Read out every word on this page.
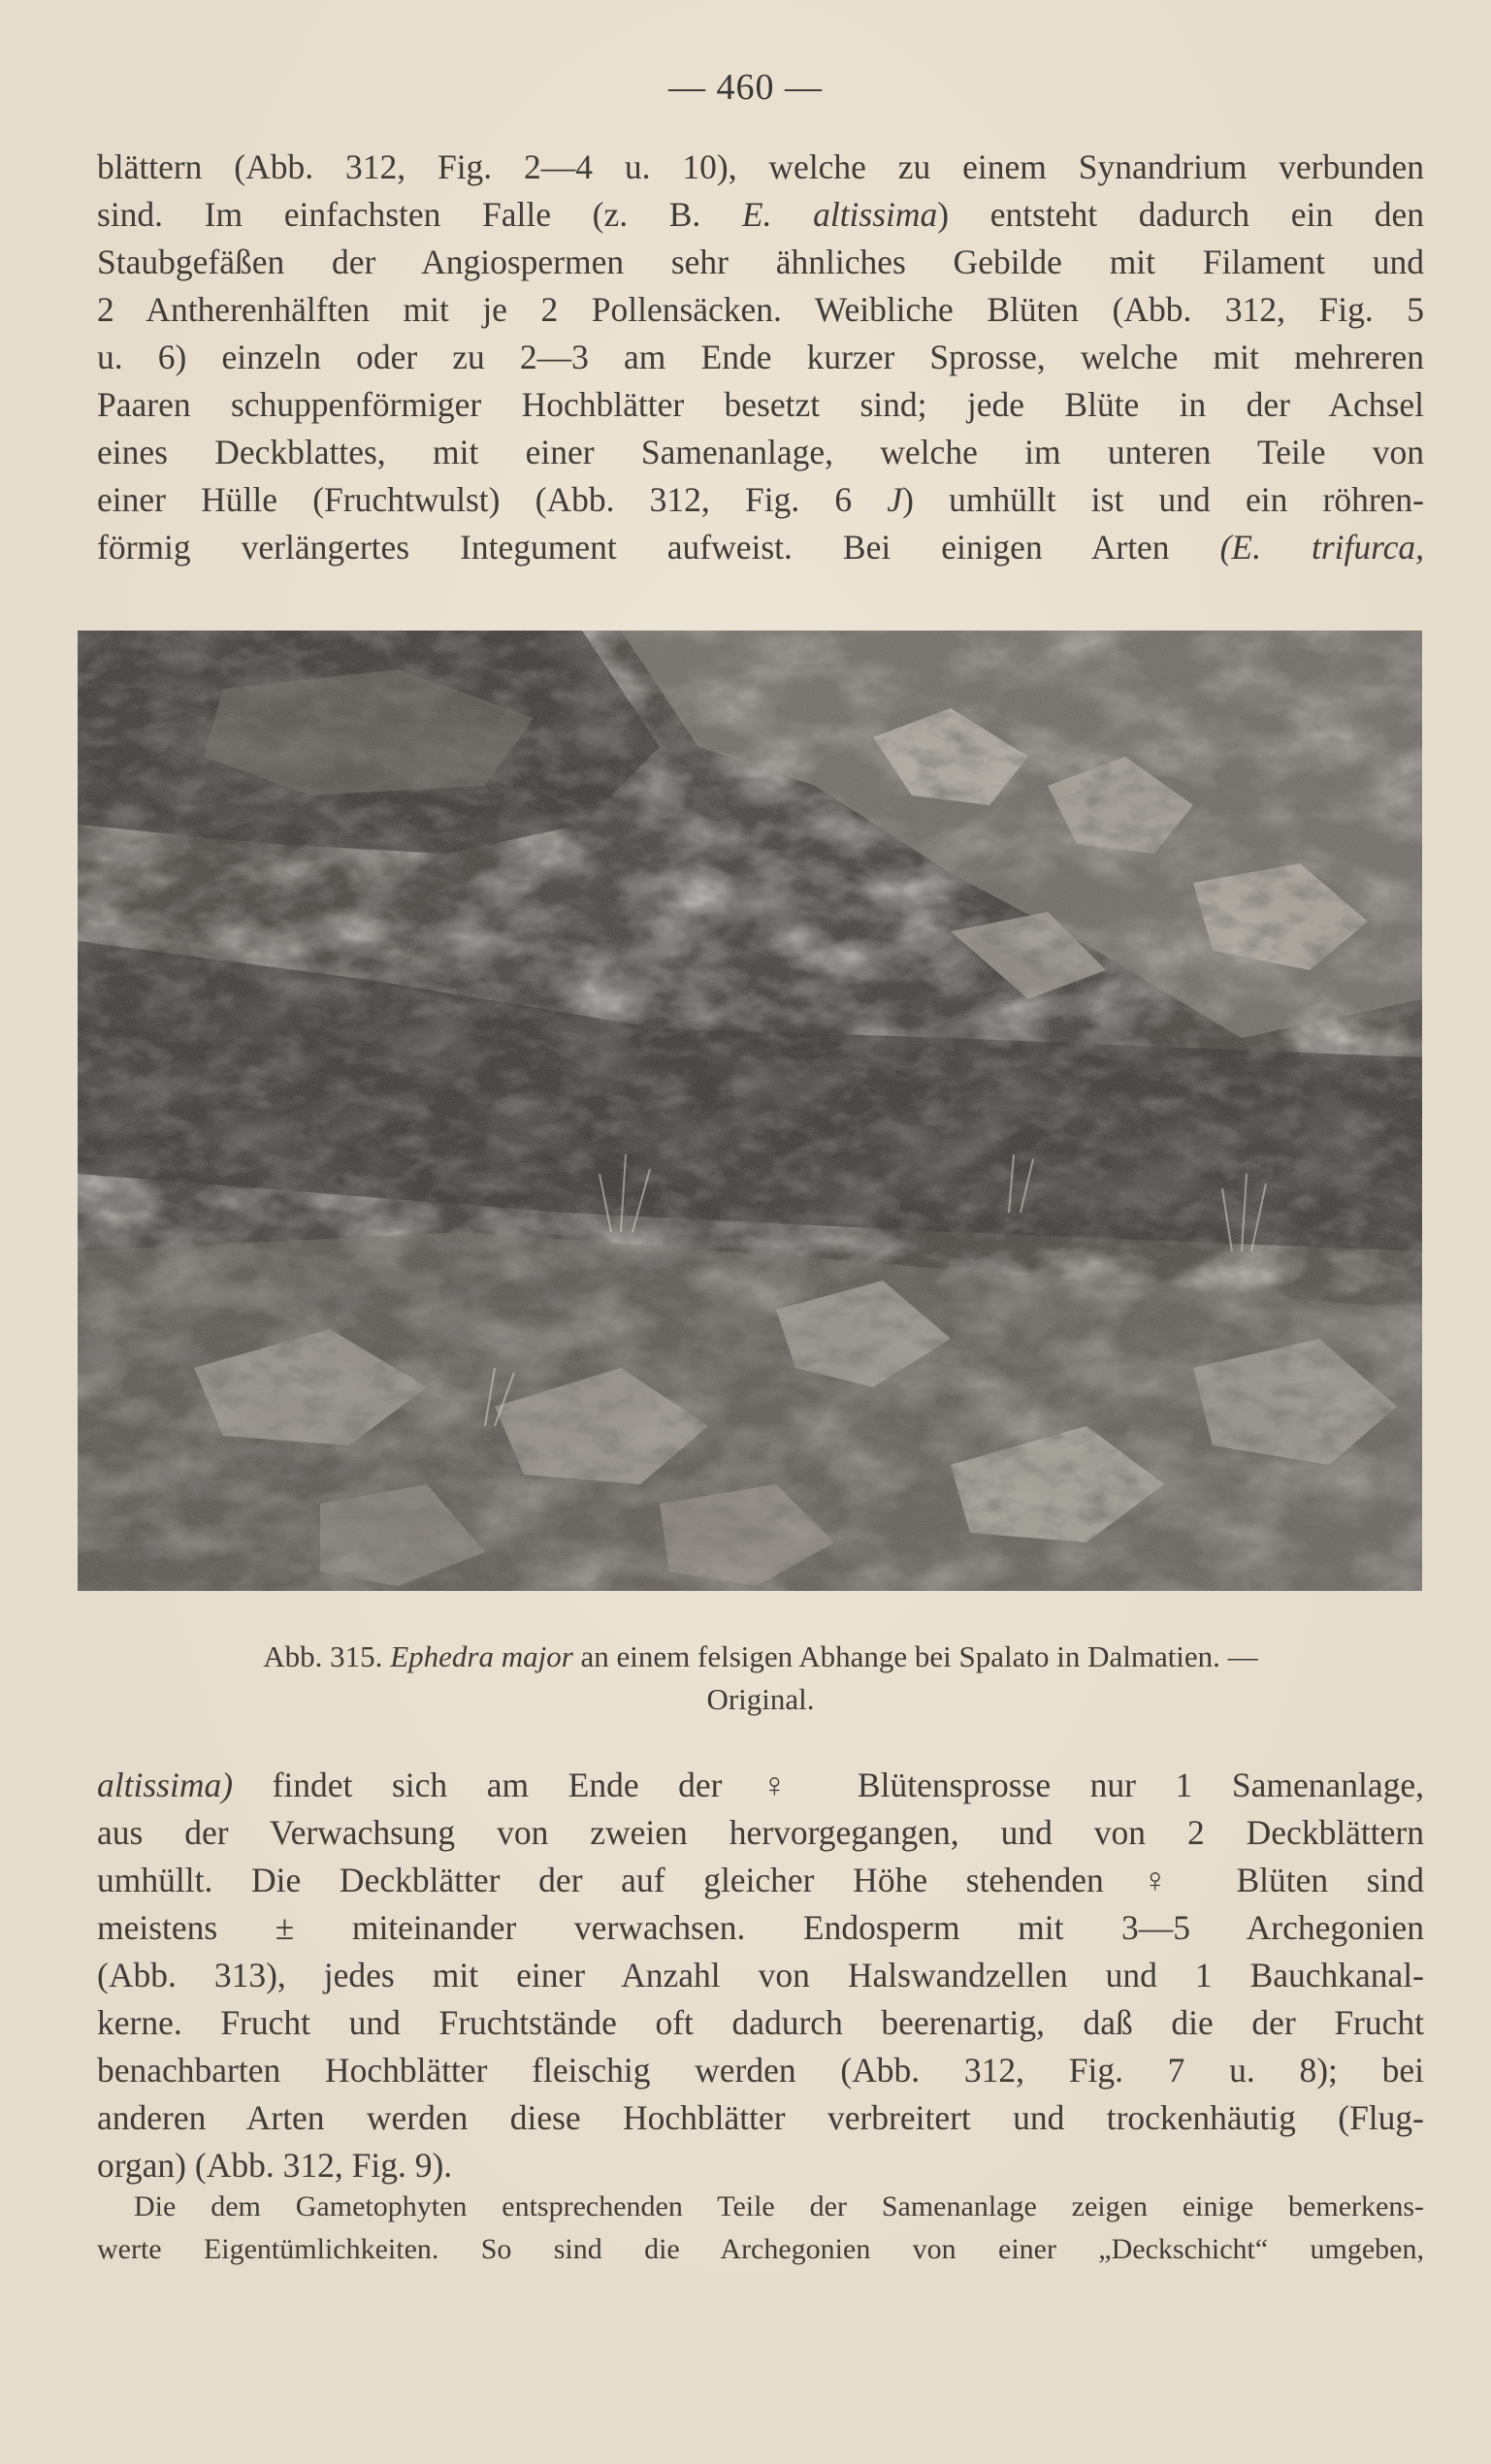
— 460 —
blättern (Abb. 312, Fig. 2—4 u. 10), welche zu einem Synandrium verbunden
sind. Im einfachsten Falle (z. B. E. altissima) entsteht dadurch ein den
Staubgefäßen der Angiospermen sehr ähnliches Gebilde mit Filament und
2 Antherenhälften mit je 2 Pollensäcken. Weibliche Blüten (Abb. 312, Fig. 5
u. 6) einzeln oder zu 2—3 am Ende kurzer Sprosse, welche mit mehreren
Paaren schuppenförmiger Hochblätter besetzt sind; jede Blüte in der Achsel
eines Deckblattes, mit einer Samenanlage, welche im unteren Teile von
einer Hülle (Fruchtwulst) (Abb. 312, Fig. 6 J) umhüllt ist und ein röhren-
förmig verlängertes Integument aufweist. Bei einigen Arten (E. trifurca,
Abb. 315. Ephedra major an einem felsigen Abhange bei Spalato in Dalmatien. —
Original.
altissima) findet sich am Ende der ♀ Blütensprosse nur 1 Samenanlage,
aus der Verwachsung von zweien hervorgegangen, und von 2 Deckblättern
umhüllt. Die Deckblätter der auf gleicher Höhe stehenden ♀ Blüten sind
meistens ± miteinander verwachsen. Endosperm mit 3—5 Archegonien
(Abb. 313), jedes mit einer Anzahl von Halswandzellen und 1 Bauchkanal-
kerne. Frucht und Fruchtstände oft dadurch beerenartig, daß die der Frucht
benachbarten Hochblätter fleischig werden (Abb. 312, Fig. 7 u. 8); bei
anderen Arten werden diese Hochblätter verbreitert und trockenhäutig (Flug-
organ) (Abb. 312, Fig. 9).
Die dem Gametophyten entsprechenden Teile der Samenanlage zeigen einige bemerkens-
werte Eigentümlichkeiten. So sind die Archegonien von einer „Deckschicht“ umgeben,
